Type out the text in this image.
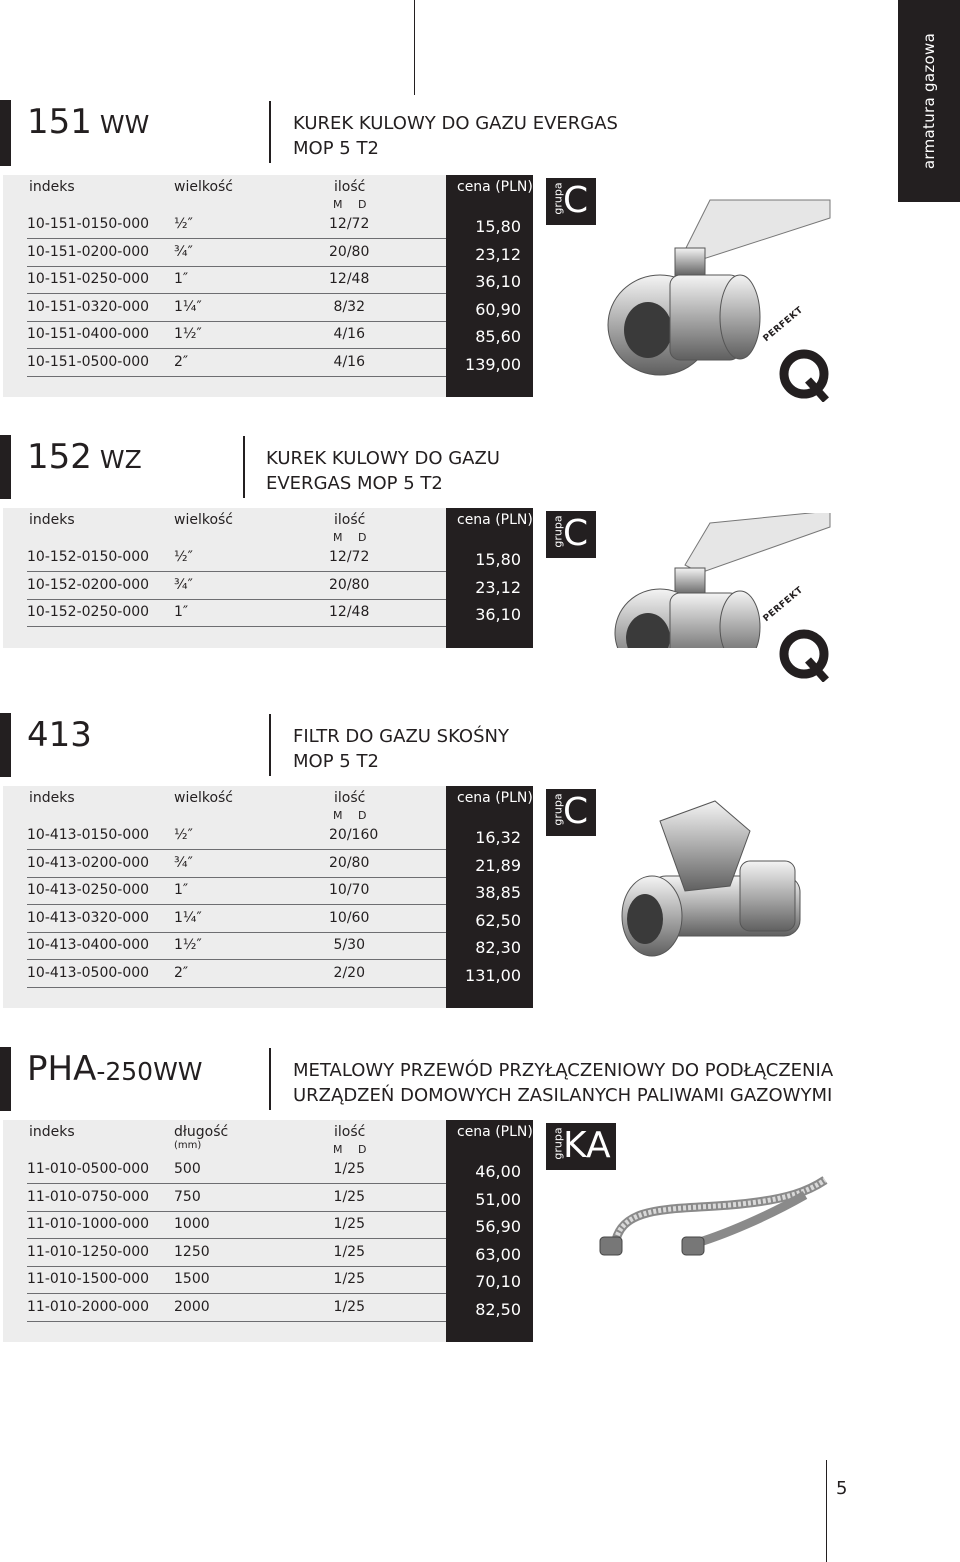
armatura gazowa
151 WW	KUREK KULOWY DO GAZU EVERGAS
MOP 5 T2
indeks	wielkość	ilość
M D
cena (PLN)
10-151-0150-000 ½″	12/72	15,80
10-151-0200-000 ¾″	20/80	23,12
10-151-0250-000 1″	12/48	36,10
10-151-0320-000 1¼″	8/32	60,90
10-151-0400-000 1½″	4/16	85,60
10-151-0500-000 2″	4/16	139,00
grupa
C
PERFEKT
152 WZ	KUREK KULOWY DO GAZU
EVERGAS MOP 5 T2
indeks	wielkość	ilość
M D
cena (PLN)
10-152-0150-000 ½″	12/72	15,80
10-152-0200-000 ¾″	20/80	23,12
10-152-0250-000 1″	12/48	36,10
grupa
C
PERFEKT
413	FILTR DO GAZU SKOŚNY
MOP 5 T2
indeks	wielkość	ilość
M D
cena (PLN)
10-413-0150-000 ½″	20/160	16,32
10-413-0200-000 ¾″	20/80	21,89
10-413-0250-000 1″	10/70	38,85
10-413-0320-000 1¼″	10/60	62,50
10-413-0400-000 1½″	5/30	82,30
10-413-0500-000 2″	2/20	131,00
grupa
C
PHA-250WW	METALOWY PRZEWÓD PRZYŁĄCZENIOWY DO PODŁĄCZENIA
URZĄDZEŃ DOMOWYCH ZASILANYCH PALIWAMI GAZOWYMI
indeks	długość
(mm)
ilość
M D
cena (PLN)
11-010-0500-000 500	1/25	46,00
11-010-0750-000 750	1/25	51,00
11-010-1000-000 1000	1/25	56,90
11-010-1250-000 1250	1/25	63,00
11-010-1500-000 1500	1/25	70,10
11-010-2000-000 2000	1/25	82,50
grupa
KA
5
